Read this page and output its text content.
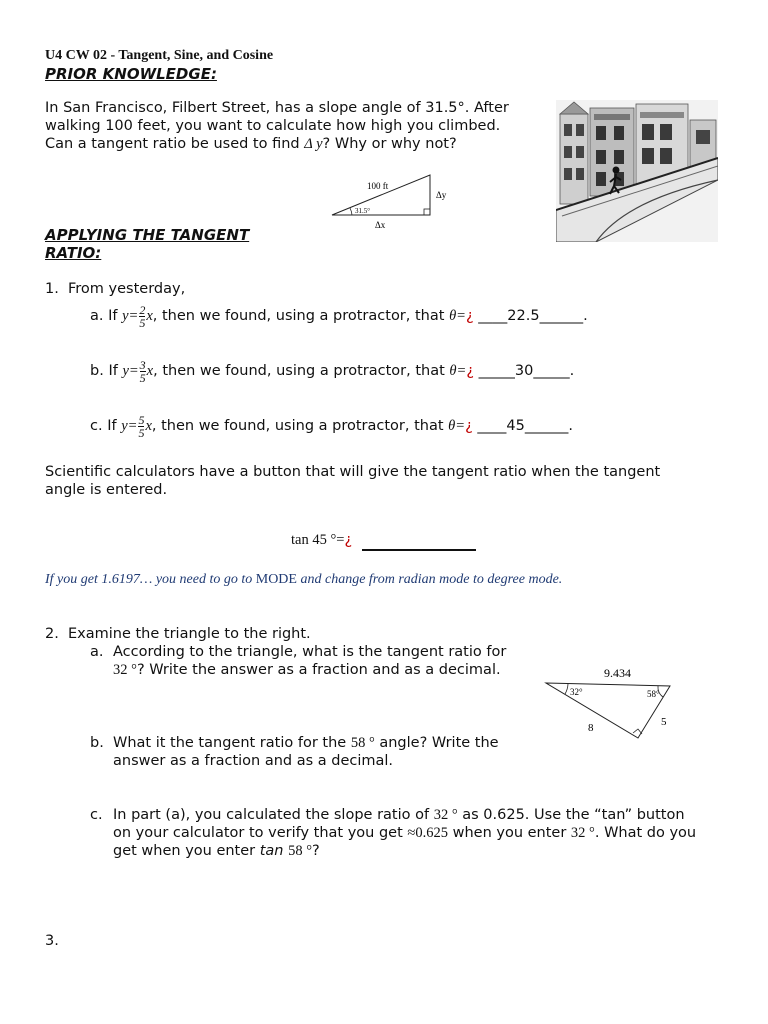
U4 CW 02 - Tangent, Sine, and Cosine
PRIOR KNOWLEDGE:
In San Francisco, Filbert Street, has a slope angle of 31.5°. After
walking 100 feet, you want to calculate how high you climbed.
Can a tangent ratio be used to find Δ y? Why or why not?
100 ft
Δy
Δx
31.5°
APPLYING THE TANGENT
RATIO:
1. From yesterday,
a. If $y= \frac{2}{5} x$, then we found, using a protractor, that θ=¿ ____22.5______.
b. If $y= \frac{3}{5} x$, then we found, using a protractor, that θ=¿ _____30_____.
c. If $y= \frac{5}{5} x$, then we found, using a protractor, that θ=¿ ____45______.
Scientific calculators have a button that will give the tangent ratio when the tangent
angle is entered.
tan 45 °=¿
If you get 1.6197… you need to go to MODE and change from radian mode to degree mode.
2. Examine the triangle to the right.
a. According to the triangle, what is the tangent ratio for
32 °? Write the answer as a fraction and as a decimal.	9.434
8	5
32°	58°
b. What it the tangent ratio for the 58 ° angle? Write the
answer as a fraction and as a decimal.
c. In part (a), you calculated the slope ratio of 32 ° as 0.625. Use the “tan” button
on your calculator to verify that you get ≈0.625 when you enter 32 °. What do you
get when you enter tan 58 °?
3.
